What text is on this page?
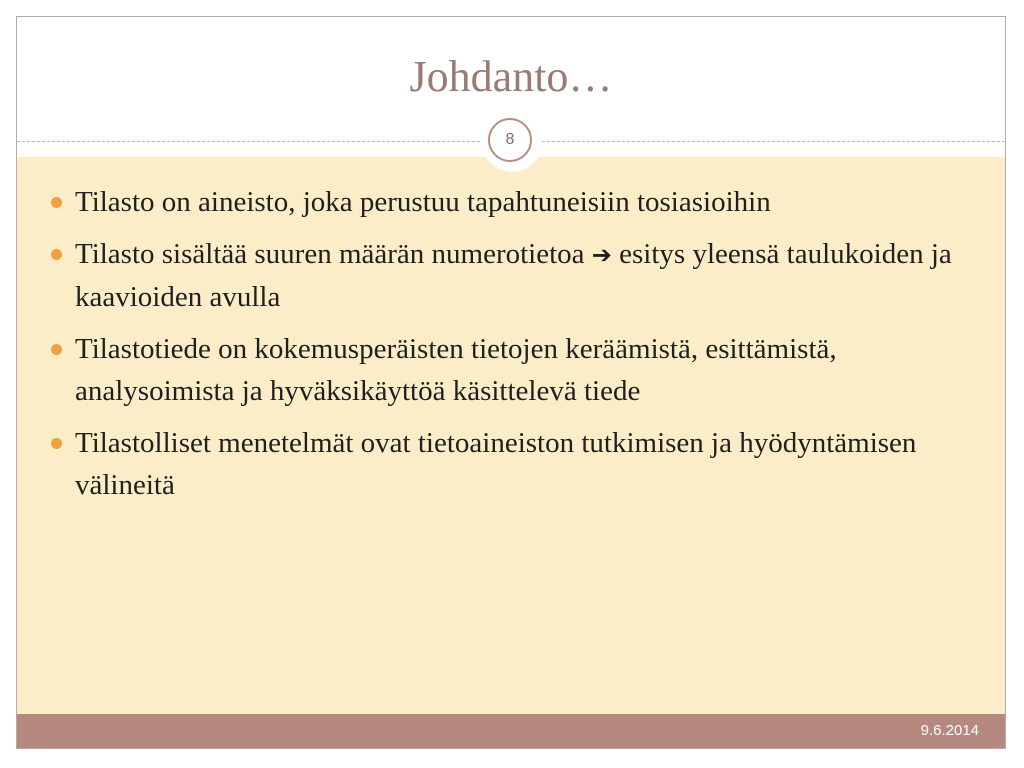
Johdanto…
8
Tilasto on aineisto, joka perustuu tapahtuneisiin tosiasioihin
Tilasto sisältää suuren määrän numerotietoa ➔ esitys yleensä taulukoiden ja kaavioiden avulla
Tilastotiede on kokemusperäisten tietojen keräämistä, esittämistä, analysoimista ja hyväksikäyttöä käsittelevä tiede
Tilastolliset menetelmät ovat tietoaineiston tutkimisen ja hyödyntämisen välineitä
9.6.2014
